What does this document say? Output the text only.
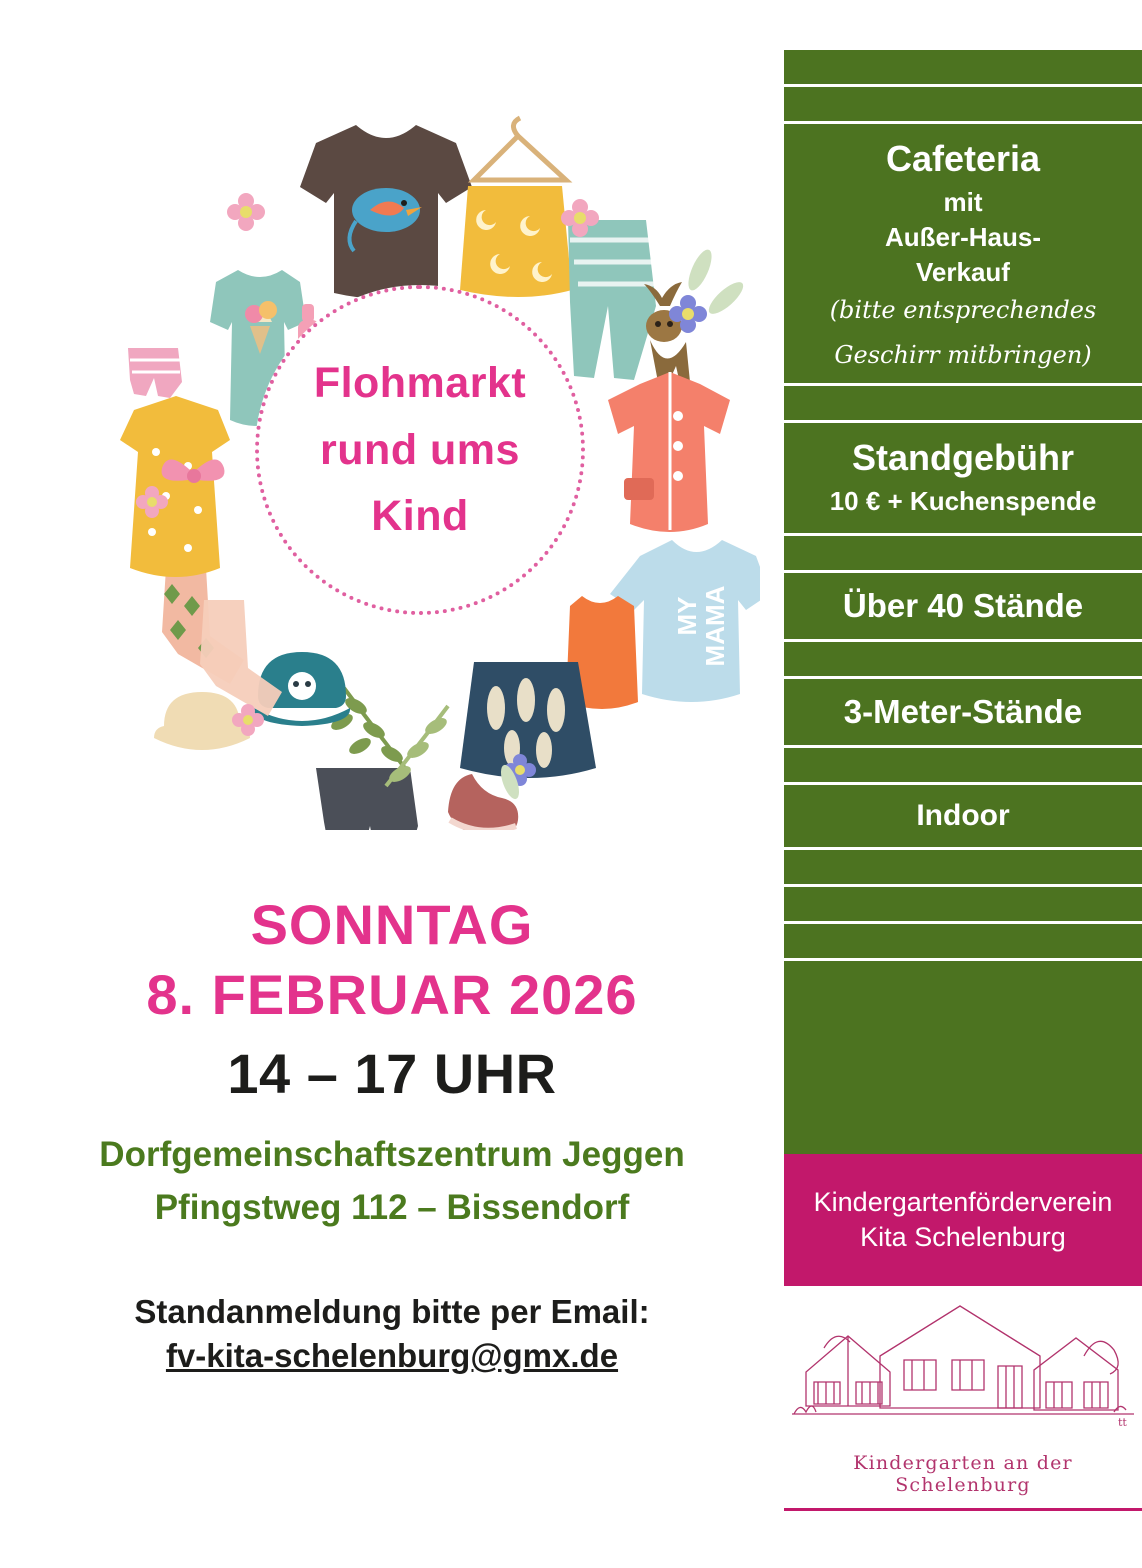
MY
MAMA
Flohmarkt
rund ums
Kind
SONNTAG
8. FEBRUAR 2026
14 – 17 UHR
Dorfgemeinschaftszentrum Jeggen
Pfingstweg 112 – Bissendorf
Standanmeldung bitte per Email:
fv-kita-schelenburg@gmx.de
Cafeteria
mit
Außer-Haus-
Verkauf
(bitte entsprechendes
Geschirr mitbringen)
Standgebühr
10 € + Kuchenspende
Über 40 Stände
3-Meter-Stände
Indoor
Kindergartenförderverein
Kita Schelenburg
tt
Kindergarten an der Schelenburg
